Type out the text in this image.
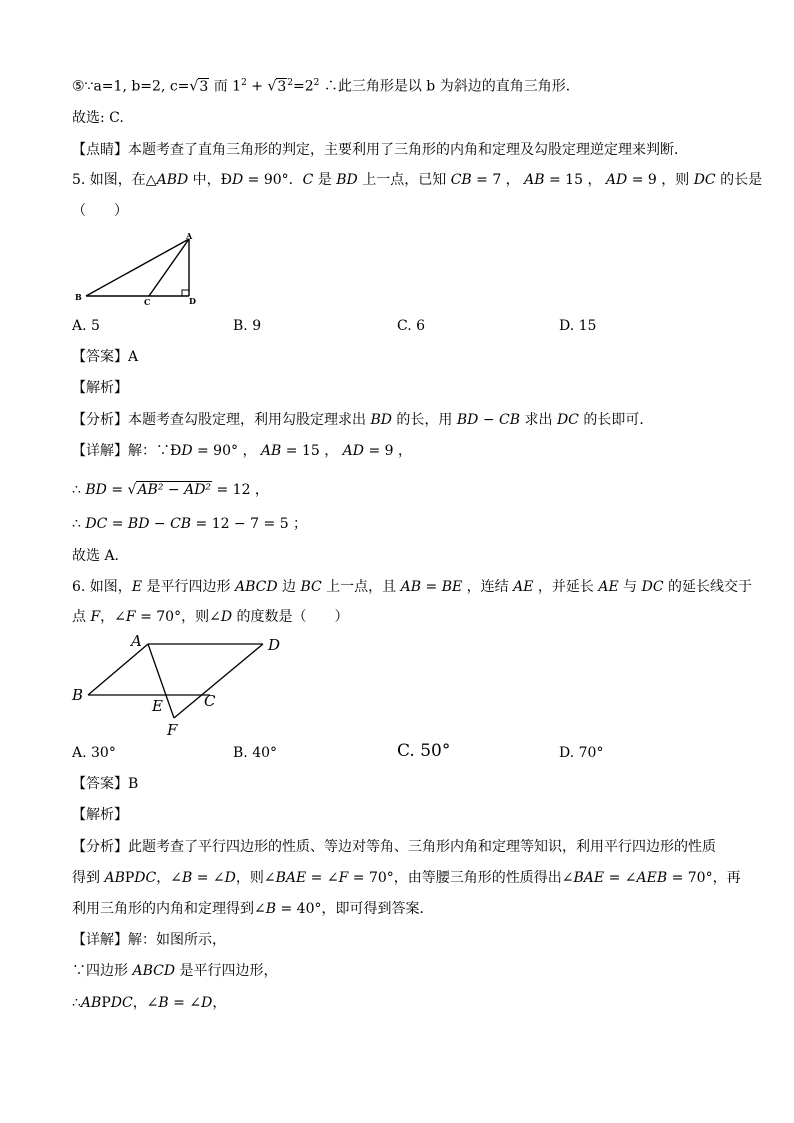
⑤∵a=1, b=2, c=√3 而 $1^2 + √3^2=2^2$ ∴此三角形是以 b 为斜边的直角三角形．
故选: C.
【点睛】本题考查了直角三角形的判定，主要利用了三角形的内角和定理及勾股定理逆定理来判断．
5. 如图，在△ABD 中，ÐD = 90°．C 是 BD 上一点，已知 CB = 7 ， AB = 15 ， AD = 9 ，则 DC 的长是
（　　）
A
B	C	D
A. 5	B. 9	C. 6	D. 15
【答案】A
【解析】
【分析】本题考查勾股定理，利用勾股定理求出 BD 的长，用 BD − CB 求出 DC 的长即可．
【详解】解：∵ÐD = 90° ， AB = 15 ， AD = 9 ，
∴ BD = √AB² − AD² = 12 ，
∴ DC = BD − CB = 12 − 7 = 5 ；
故选 A．
6. 如图，E 是平行四边形 ABCD 边 BC 上一点，且 AB = BE ，连结 AE ，并延长 AE 与 DC 的延长线交于
点 F，∠F = 70°，则∠D 的度数是（　　）
A	D
B	C
E
F
A. 30°	B. 40°	C. 50°	D. 70°
【答案】B
【解析】
【分析】此题考查了平行四边形的性质、等边对等角、三角形内角和定理等知识，利用平行四边形的性质
得到 ABPDC，∠B = ∠D，则∠BAE = ∠F = 70°，由等腰三角形的性质得出∠BAE = ∠AEB = 70°，再
利用三角形的内角和定理得到∠B = 40°，即可得到答案．
【详解】解：如图所示，
∵四边形 ABCD 是平行四边形，
∴ABPDC，∠B = ∠D，
